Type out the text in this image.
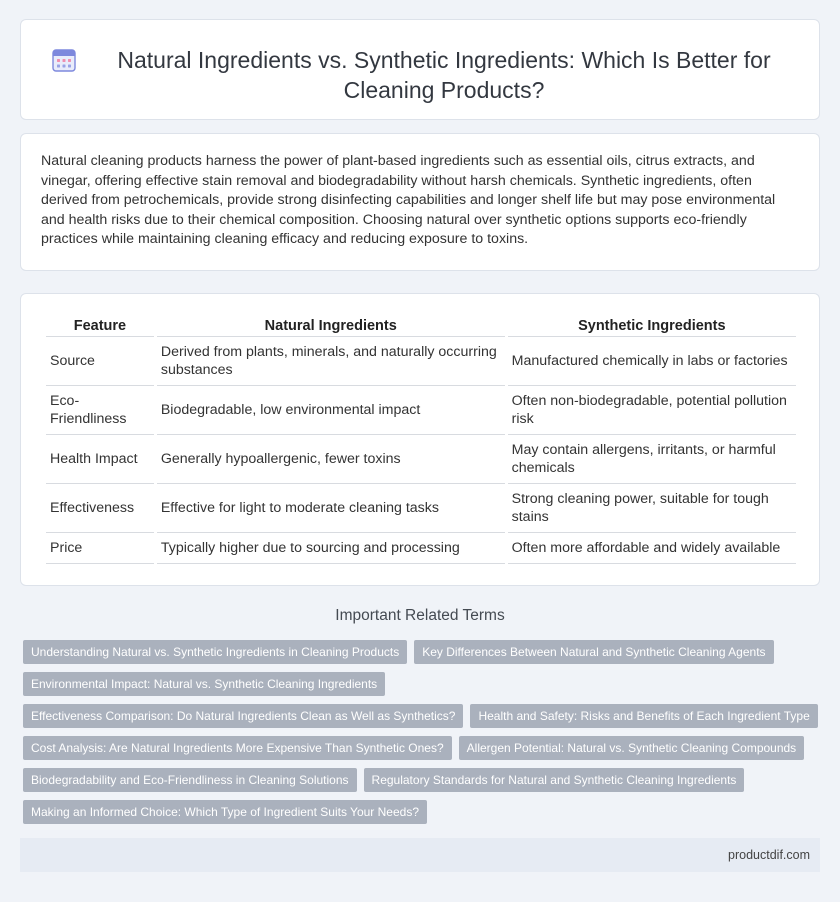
Natural Ingredients vs. Synthetic Ingredients: Which Is Better for Cleaning Products?

Natural cleaning products harness the power of plant-based ingredients such as essential oils, citrus extracts, and vinegar, offering effective stain removal and biodegradability without harsh chemicals. Synthetic ingredients, often derived from petrochemicals, provide strong disinfecting capabilities and longer shelf life but may pose environmental and health risks due to their chemical composition. Choosing natural over synthetic options supports eco-friendly practices while maintaining cleaning efficacy and reducing exposure to toxins.

Feature	Natural Ingredients	Synthetic Ingredients
Source	Derived from plants, minerals, and naturally occurring substances	Manufactured chemically in labs or factories
Eco-Friendliness	Biodegradable, low environmental impact	Often non-biodegradable, potential pollution risk
Health Impact	Generally hypoallergenic, fewer toxins	May contain allergens, irritants, or harmful chemicals
Effectiveness	Effective for light to moderate cleaning tasks	Strong cleaning power, suitable for tough stains
Price	Typically higher due to sourcing and processing	Often more affordable and widely available
Important Related Terms
Understanding Natural vs. Synthetic Ingredients in Cleaning Products	Key Differences Between Natural and Synthetic Cleaning Agents
Environmental Impact: Natural vs. Synthetic Cleaning Ingredients
Effectiveness Comparison: Do Natural Ingredients Clean as Well as Synthetics?	Health and Safety: Risks and Benefits of Each Ingredient Type
Cost Analysis: Are Natural Ingredients More Expensive Than Synthetic Ones?	Allergen Potential: Natural vs. Synthetic Cleaning Compounds
Biodegradability and Eco-Friendliness in Cleaning Solutions	Regulatory Standards for Natural and Synthetic Cleaning Ingredients
Making an Informed Choice: Which Type of Ingredient Suits Your Needs?
productdif.com
